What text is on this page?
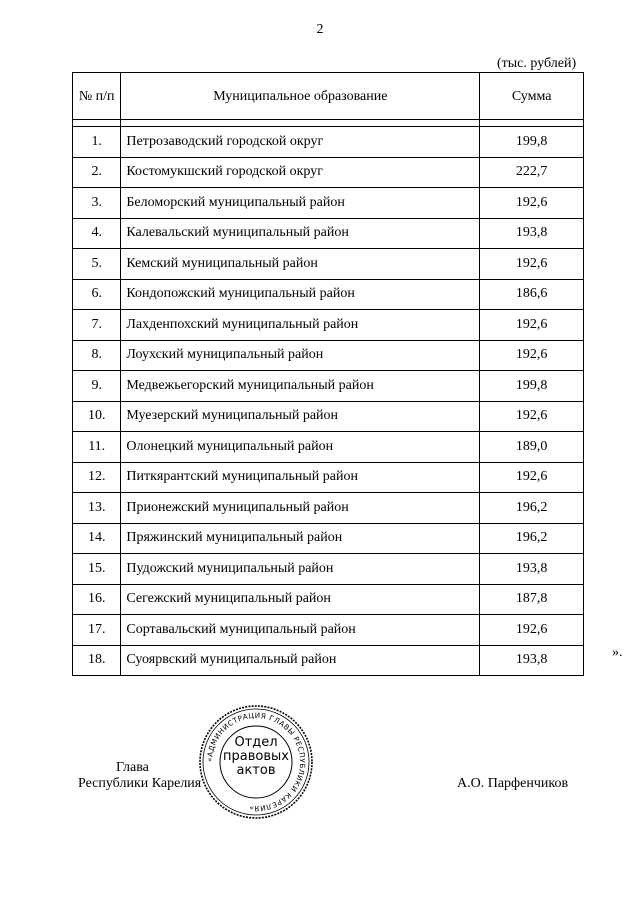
2
(тыс. рублей)
№ п/п	Муниципальное образование	Сумма

1.	Петрозаводский городской округ	199,8
2.	Костомукшский городской округ	222,7
3.	Беломорский муниципальный район	192,6
4.	Калевальский муниципальный район	193,8
5.	Кемский муниципальный район	192,6
6.	Кондопожский муниципальный район	186,6
7.	Лахденпохский муниципальный район	192,6
8.	Лоухский муниципальный район	192,6
9.	Медвежьегорский муниципальный район	199,8
10.	Муезерский муниципальный район	192,6
11.	Олонецкий муниципальный район	189,0
12.	Питкярантский муниципальный район	192,6
13.	Прионежский муниципальный район	196,2
14.	Пряжинский муниципальный район	196,2
15.	Пудожский муниципальный район	193,8
16.	Сегежский муниципальный район	187,8
17.	Сортавальский муниципальный район	192,6
18.	Суоярвский муниципальный район	193,8	».
Глава
Республики Карелия	А.О. Парфенчиков
«АДМИНИСТРАЦИЯ ГЛАВЫ РЕСПУБЛИКИ КАРЕЛИЯ»
Отдел
правовых
актов
